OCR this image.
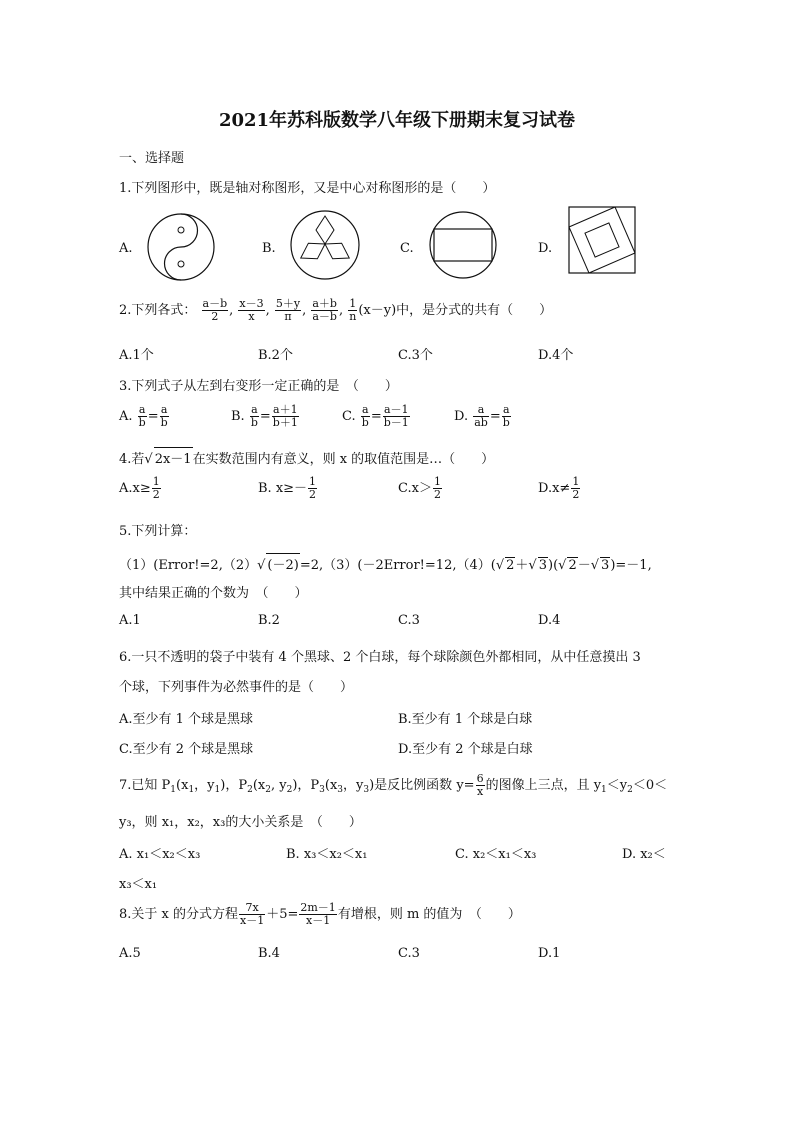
2021年苏科版数学八年级下册期末复习试卷
一、选择题
1.下列图形中，既是轴对称图形，又是中心对称图形的是（　　）
A.	B.	C.	D.
2.下列各式： $\frac{a-b}{2}$ , $\frac{x-3}{x}$ , $\frac{5+y}{\pi}$ , $\frac{a+b}{a-b}$ , $\frac{1}{n} (x-y)$中，是分式的共有（　　）
A.1个	B.2个	C.3个	D.4个
3.下列式子从左到右变形一定正确的是　（　　）
A. $\frac{a}{b} = \frac{a}{b}$	B. $\frac{a}{b} = \frac{a+1}{b+1}$	C. $\frac{a}{b} = \frac{a-1}{b-1}$	D. $\frac{a}{ab} = \frac{a}{b}$
4.若√ 2x－1在实数范围内有意义，则 x 的取值范围是…（　　）
$A.x\ge \frac{1}{2}$	B. $x\ge- \frac{1}{2}$	$C.x> \frac{1}{2}$	$D.x\ne \frac{1}{2}$
5.下列计算：
（1）(Error!=2,（2）√ (－2)=2,（3）(－2Error!=12,（4）(√ 2＋√ 3)(√ 2－√ 3)=－1,
其中结果正确的个数为　（　　）
A.1	B.2	C.3	D.4
6.一只不透明的袋子中装有 4 个黑球、2 个白球，每个球除颜色外都相同，从中任意摸出 3
个球，下列事件为必然事件的是（　　）
A.至少有 1 个球是黑球	B.至少有 1 个球是白球
C.至少有 2 个球是黑球	D.至少有 2 个球是白球
7.已知 $P_1(x_1$，$y_1$)，$P_2(x_2$, $y_2$)，$P_3(x_3$，$y_3$)是反比例函数 $y= \frac{6}{x}$ 的图像上三点，且 $y_1<y_2<0<$
y₃，则 x₁，x₂，x₃的大小关系是　（　　）
A. x₁＜x₂＜x₃	B. x₃＜x₂＜x₁	C. x₂＜x₁＜x₃	D. x₂＜
x₃＜x₁
8.关于 x 的分式方程 $\frac{7x}{x-1} +5= \frac{2m-1}{x-1}$ 有增根，则 m 的值为　（　　）
A.5	B.4	C.3	D.1
